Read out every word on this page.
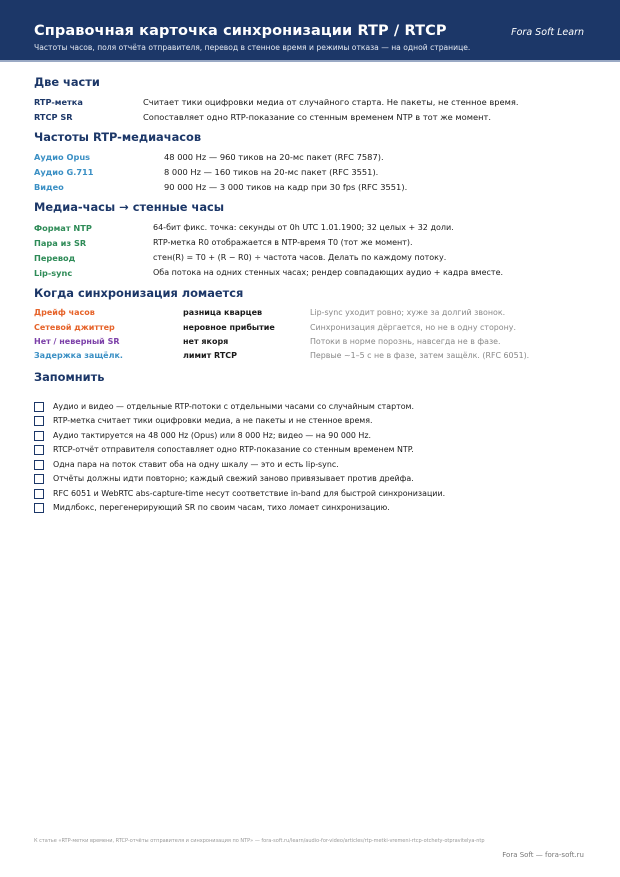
Справочная карточка синхронизации RTP / RTCP
Частоты часов, поля отчёта отправителя, перевод в стенное время и режимы отказа — на одной странице.
Fora Soft Learn
Две части
RTP-метка	Считает тики оцифровки медиа от случайного старта. Не пакеты, не стенное время.
RTCP SR	Сопоставляет одно RTP-показание со стенным временем NTP в тот же момент.
Частоты RTP-медиачасов
Аудио Opus	48 000 Hz — 960 тиков на 20-мс пакет (RFC 7587).
Аудио G.711	8 000 Hz — 160 тиков на 20-мс пакет (RFC 3551).
Видео	90 000 Hz — 3 000 тиков на кадр при 30 fps (RFC 3551).
Медиа-часы → стенные часы
Формат NTP	64-бит фикс. точка: секунды от 0h UTC 1.01.1900; 32 целых + 32 доли.
Пара из SR	RTP-метка R0 отображается в NTP-время T0 (тот же момент).
Перевод	стен(R) = T0 + (R − R0) ÷ частота часов. Делать по каждому потоку.
Lip-sync	Оба потока на одних стенных часах; рендер совпадающих аудио + кадра вместе.
Когда синхронизация ломается
Дрейф часов	разница кварцев	Lip-sync уходит ровно; хуже за долгий звонок.
Сетевой джиттер	неровное прибытие	Синхронизация дёргается, но не в одну сторону.
Нет / неверный SR	нет якоря	Потоки в норме порознь, навсегда не в фазе.
Задержка защёлк.	лимит RTCP	Первые ~1–5 с не в фазе, затем защёлк. (RFC 6051).
Запомнить
Аудио и видео — отдельные RTP-потоки с отдельными часами со случайным стартом.
RTP-метка считает тики оцифровки медиа, а не пакеты и не стенное время.
Аудио тактируется на 48 000 Hz (Opus) или 8 000 Hz; видео — на 90 000 Hz.
RTCP-отчёт отправителя сопоставляет одно RTP-показание со стенным временем NTP.
Одна пара на поток ставит оба на одну шкалу — это и есть lip-sync.
Отчёты должны идти повторно; каждый свежий заново привязывает против дрейфа.
RFC 6051 и WebRTC abs-capture-time несут соответствие in-band для быстрой синхронизации.
Мидлбокс, перегенерирующий SR по своим часам, тихо ломает синхронизацию.
К статье «RTP-метки времени, RTCP-отчёты отправителя и синхронизация по NTP» — fora-soft.ru/learn/audio-for-video/articles/rtp-metki-vremeni-rtcp-otchety-otpravitelya-ntp
Fora Soft — fora-soft.ru
